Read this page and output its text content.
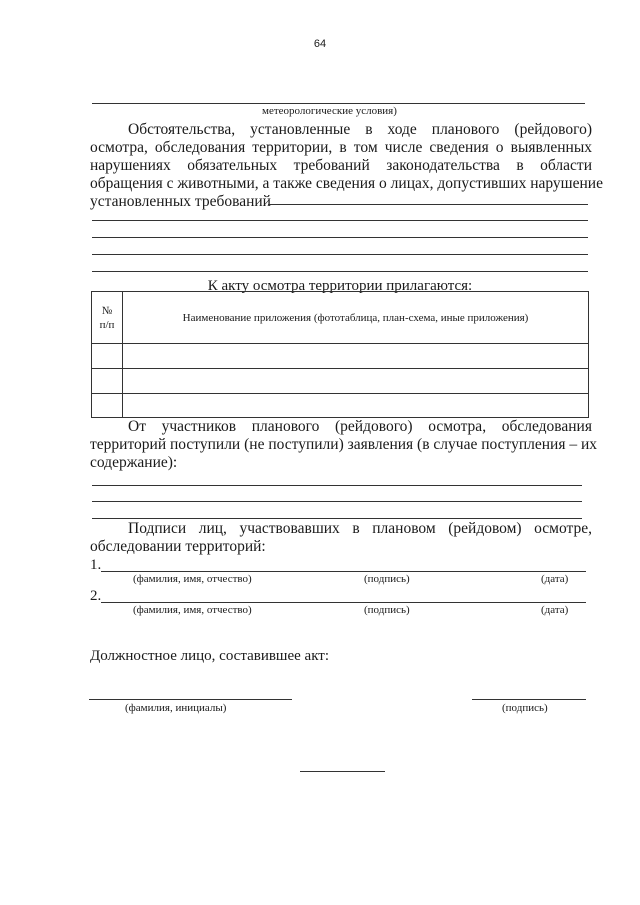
64
метеорологические условия)
Обстоятельства, установленные в ходе планового (рейдового)
осмотра, обследования территории, в том числе сведения о выявленных
нарушениях обязательных требований законодательства в области
обращения с животными, а также сведения о лицах, допустивших нарушение
установленных требований
К акту осмотра территории прилагаются:
№
п/п	Наименование приложения (фототаблица, план-схема, иные приложения)

От участников планового (рейдового) осмотра, обследования
территорий поступили (не поступили) заявления (в случае поступления – их
содержание):
Подписи лиц, участвовавших в плановом (рейдовом) осмотре,
обследовании территорий:
1.
(фамилия, имя, отчество)	(подпись)	(дата)
2.
(фамилия, имя, отчество)	(подпись)	(дата)
Должностное лицо, составившее акт:
(фамилия, инициалы)	(подпись)
